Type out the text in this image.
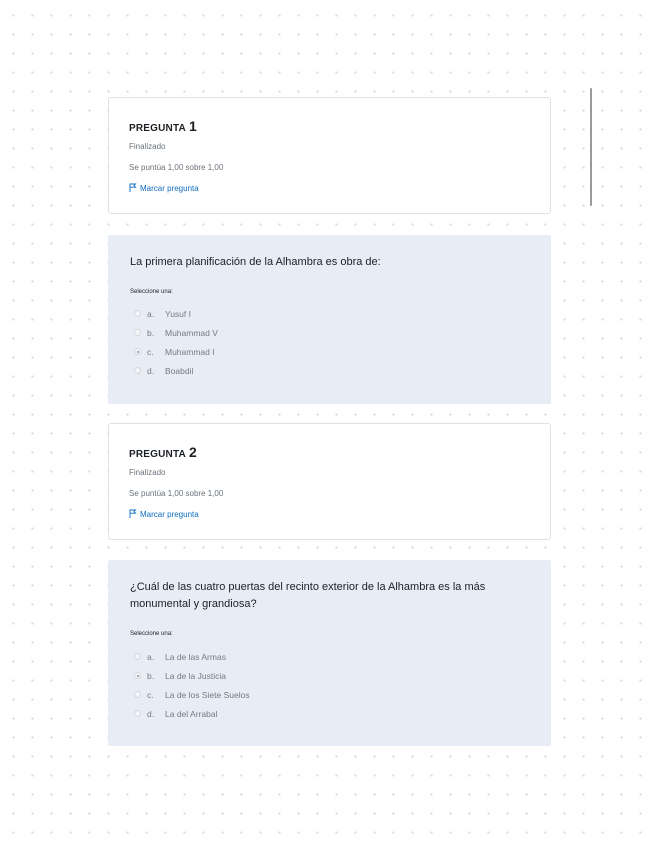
PREGUNTA 1
Finalizado
Se puntúa 1,00 sobre 1,00
Marcar pregunta
La primera planificación de la Alhambra es obra de:
Seleccione una:
a.	Yusuf I
b.	Muhammad V
c.	Muhammad I
d.	Boabdil
PREGUNTA 2
Finalizado
Se puntúa 1,00 sobre 1,00
Marcar pregunta
¿Cuál de las cuatro puertas del recinto exterior de la Alhambra es la más monumental y grandiosa?
Seleccione una:
a.	La de las Armas
b.	La de la Justicia
c.	La de los Siete Suelos
d.	La del Arrabal
